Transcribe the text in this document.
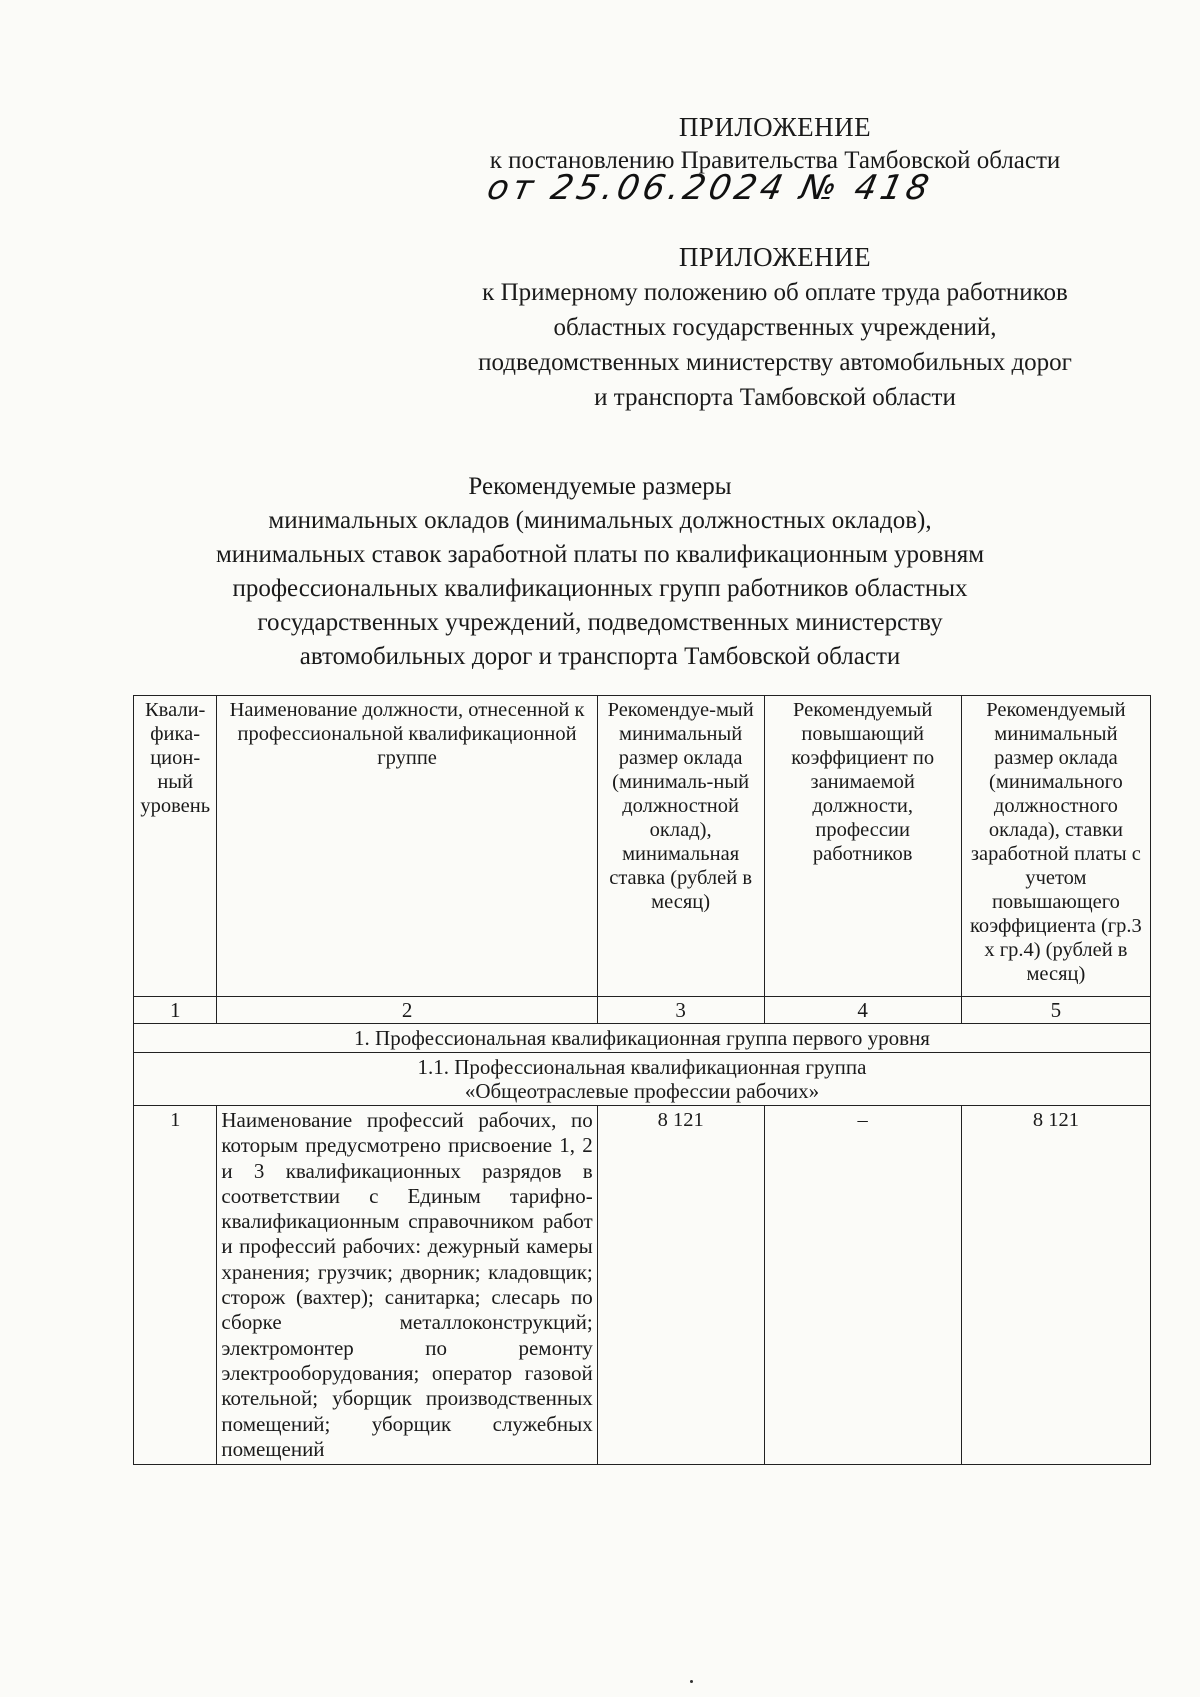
ПРИЛОЖЕНИЕ
к постановлению Правительства Тамбовской области
от 25.06.2024 № 418
ПРИЛОЖЕНИЕ
к Примерному положению об оплате труда работников
областных государственных учреждений,
подведомственных министерству автомобильных дорог
и транспорта Тамбовской области
Рекомендуемые размеры
минимальных окладов (минимальных должностных окладов),
минимальных ставок заработной платы по квалификационным уровням
профессиональных квалификационных групп работников областных
государственных учреждений, подведомственных министерству
автомобильных дорог и транспорта Тамбовской области
Квали-фика-цион-ный уровень	Наименование должности, отнесенной к профессиональной квалификационной группе	Рекомендуе-мый минимальный размер оклада (минималь-ный должностной оклад), минимальная ставка (рублей в месяц)	Рекомендуемый повышающий коэффициент по занимаемой должности, профессии работников	Рекомендуемый минимальный размер оклада (минимального должностного оклада), ставки заработной платы с учетом повышающего коэффициента (гр.3 х гр.4) (рублей в месяц)
1	2	3	4	5
1. Профессиональная квалификационная группа первого уровня				

1.1. Профессиональная квалификационная группа
«Общеотраслевые профессии рабочих»				

1	Наименование профессий рабочих, по которым предусмотрено присвоение 1, 2 и 3 квалификационных разрядов в соответствии с Единым тарифно-квалификационным справочником работ и профессий рабочих: дежурный камеры хранения; грузчик; дворник; кладовщик; сторож (вахтер); санитарка; слесарь по сборке металлоконструкций; электромонтер по ремонту электрооборудования; оператор газовой котельной; уборщик производственных помещений; уборщик служебных помещений	8 121	–	8 121
